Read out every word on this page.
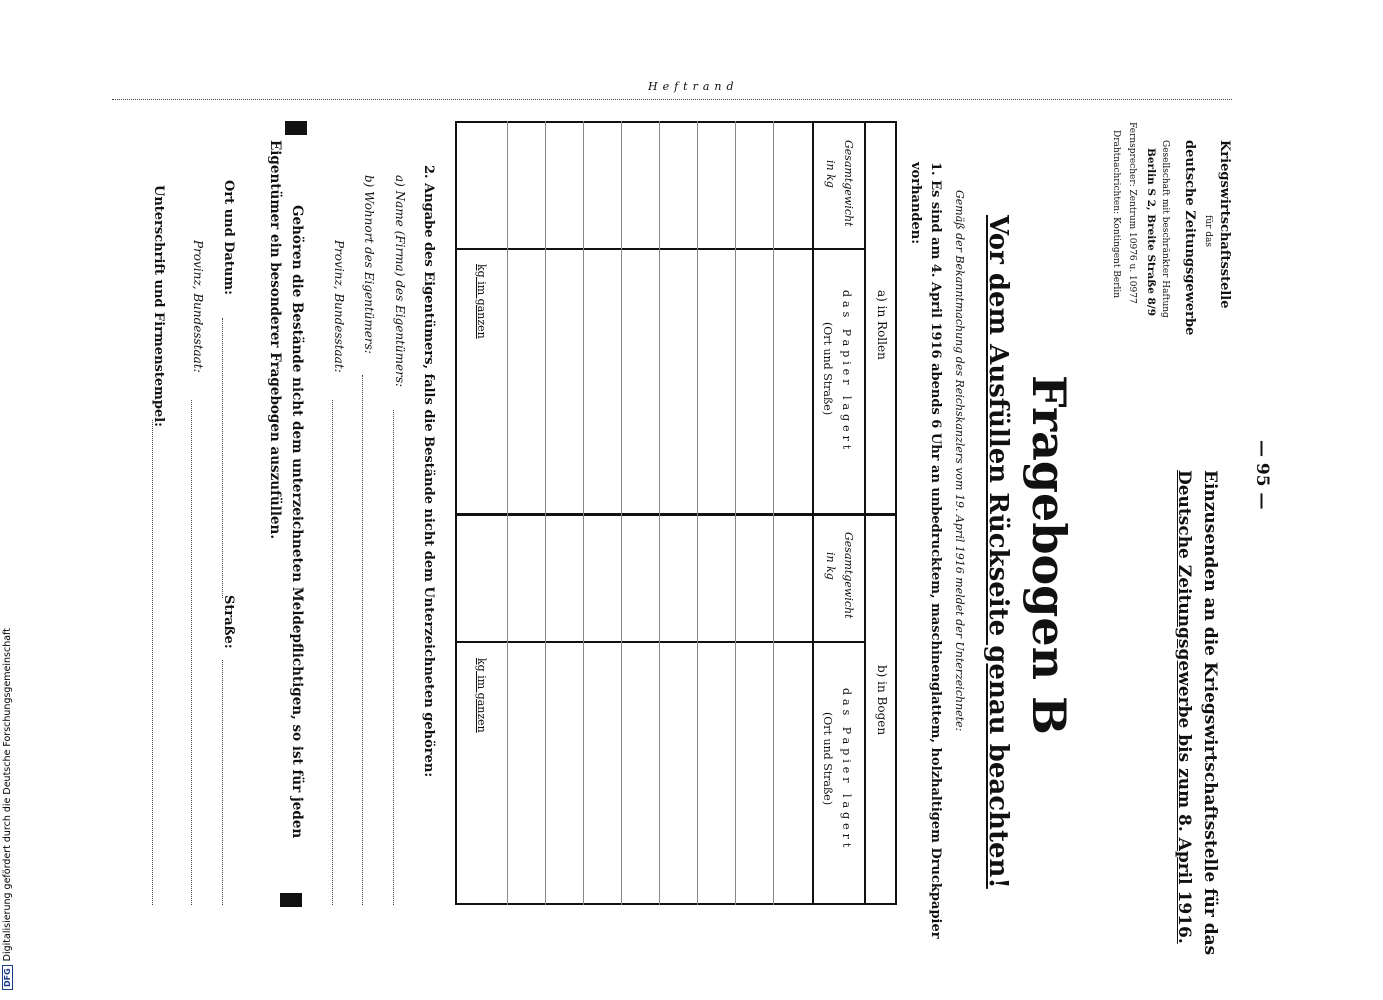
Heftrand
— 95 —
Einzusenden an die Kriegswirtschaftsstelle für das
Deutsche Zeitungsgewerbe bis zum 8. April 1916.
Kriegswirtschaftsstelle
für das
deutsche Zeitungsgewerbe
Gesellschaft mit beschränkter Haftung
Berlin S 2, Breite Straße 8/9
Fernsprecher: Zentrum 10976 u. 10977
Drahtnachrichten: Kontingent Berlin
Fragebogen B
Vor dem Ausfüllen Rückseite genau beachten!
Gemäß der Bekanntmachung des Reichskanzlers vom 19. April 1916 meldet der Unterzeichnete:
1. Es sind am 4. April 1916 abends 6 Uhr an unbedrucktem, maschinenglattem, holzhaltigem Druckpapier
vorhanden:
a) in Rollen
b) in Bogen
Gesamtgewicht
in kg
das Papier lagert
(Ort und Straße)
Gesamtgewicht
in kg
das Papier lagert
(Ort und Straße)
kg im ganzen
kg im ganzen
2. Angabe des Eigentümers, falls die Bestände nicht dem Unterzeichneten gehören:
a) Name (Firma) des Eigentümers:
b) Wohnort des Eigentümers:
Provinz, Bundesstaat:
Gehören die Bestände nicht dem unterzeichneten Meldepflichtigen, so ist für jeden
Eigentümer ein besonderer Fragebogen auszufüllen.
Ort und Datum:
Straße:
Provinz, Bundesstaat:
Unterschrift und Firmenstempel:
DFGDigitalisierung gefördert durch die Deutsche Forschungsgemeinschaft
